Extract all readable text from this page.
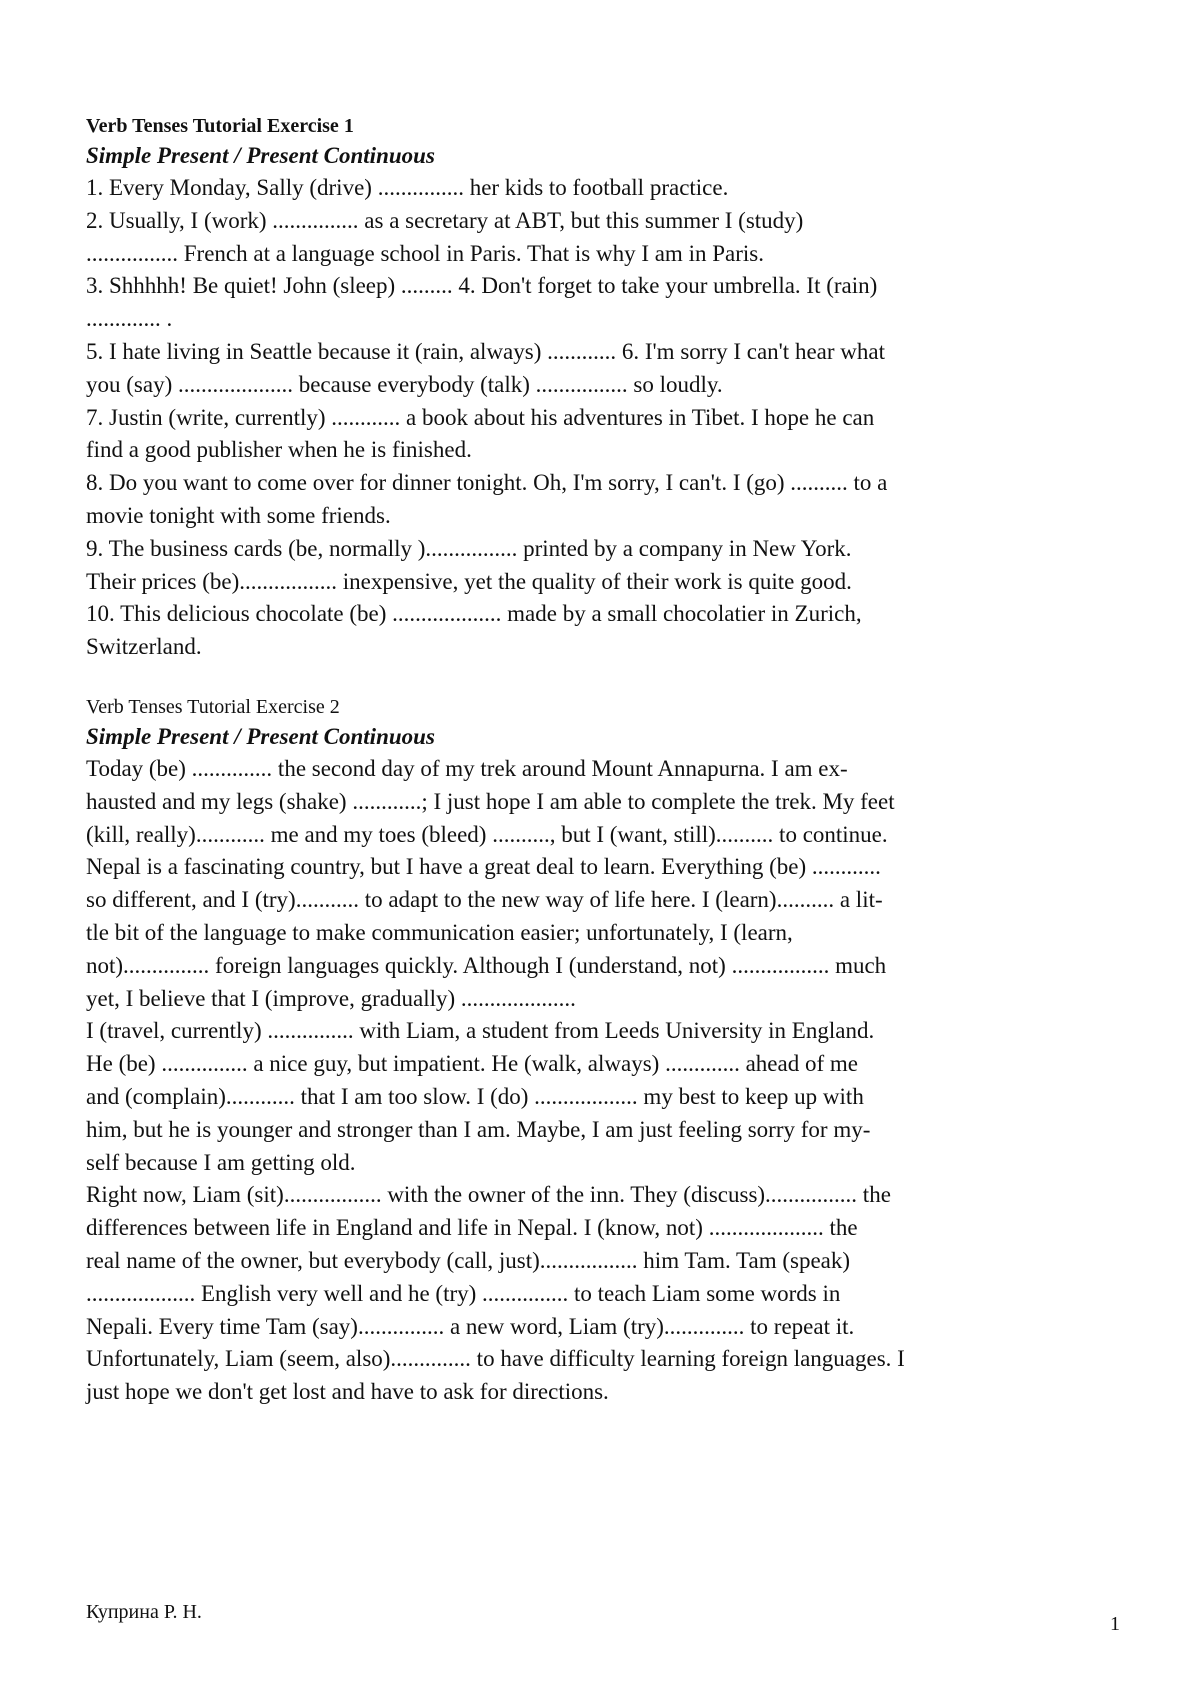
Verb Tenses Tutorial Exercise 1
Simple Present / Present Continuous
1. Every Monday, Sally (drive) ............... her kids to football practice.
2. Usually, I (work) ............... as a secretary at ABT, but this summer I (study)
................ French at a language school in Paris. That is why I am in Paris.
3. Shhhhh! Be quiet! John (sleep) ......... 4. Don't forget to take your umbrella. It (rain)
............. .
5. I hate living in Seattle because it (rain, always) ............ 6. I'm sorry I can't hear what
you (say) .................... because everybody (talk) ................ so loudly.
7. Justin (write, currently) ............ a book about his adventures in Tibet. I hope he can
find a good publisher when he is finished.
8. Do you want to come over for dinner tonight. Oh, I'm sorry, I can't. I (go) .......... to a
movie tonight with some friends.
9. The business cards (be, normally )................ printed by a company in New York.
Their prices (be)................. inexpensive, yet the quality of their work is quite good.
10. This delicious chocolate (be) ................... made by a small chocolatier in Zurich,
Switzerland.
Verb Tenses Tutorial Exercise 2
Simple Present / Present Continuous
Today (be) .............. the second day of my trek around Mount Annapurna. I am ex-
hausted and my legs (shake) ............; I just hope I am able to complete the trek. My feet
(kill, really)............ me and my toes (bleed) .........., but I (want, still).......... to continue.
Nepal is a fascinating country, but I have a great deal to learn. Everything (be) ............
so different, and I (try)........... to adapt to the new way of life here. I (learn).......... a lit-
tle bit of the language to make communication easier; unfortunately, I (learn,
not)............... foreign languages quickly. Although I (understand, not) ................. much
yet, I believe that I (improve, gradually) ....................
I (travel, currently) ............... with Liam, a student from Leeds University in England.
He (be) ............... a nice guy, but impatient. He (walk, always) ............. ahead of me
and (complain)............ that I am too slow. I (do) .................. my best to keep up with
him, but he is younger and stronger than I am. Maybe, I am just feeling sorry for my-
self because I am getting old.
Right now, Liam (sit)................. with the owner of the inn. They (discuss)................ the
differences between life in England and life in Nepal. I (know, not) .................... the
real name of the owner, but everybody (call, just)................. him Tam. Tam (speak)
................... English very well and he (try) ............... to teach Liam some words in
Nepali. Every time Tam (say)............... a new word, Liam (try).............. to repeat it.
Unfortunately, Liam (seem, also).............. to have difficulty learning foreign languages. I
just hope we don't get lost and have to ask for directions.
Куприна Р. Н.
1
